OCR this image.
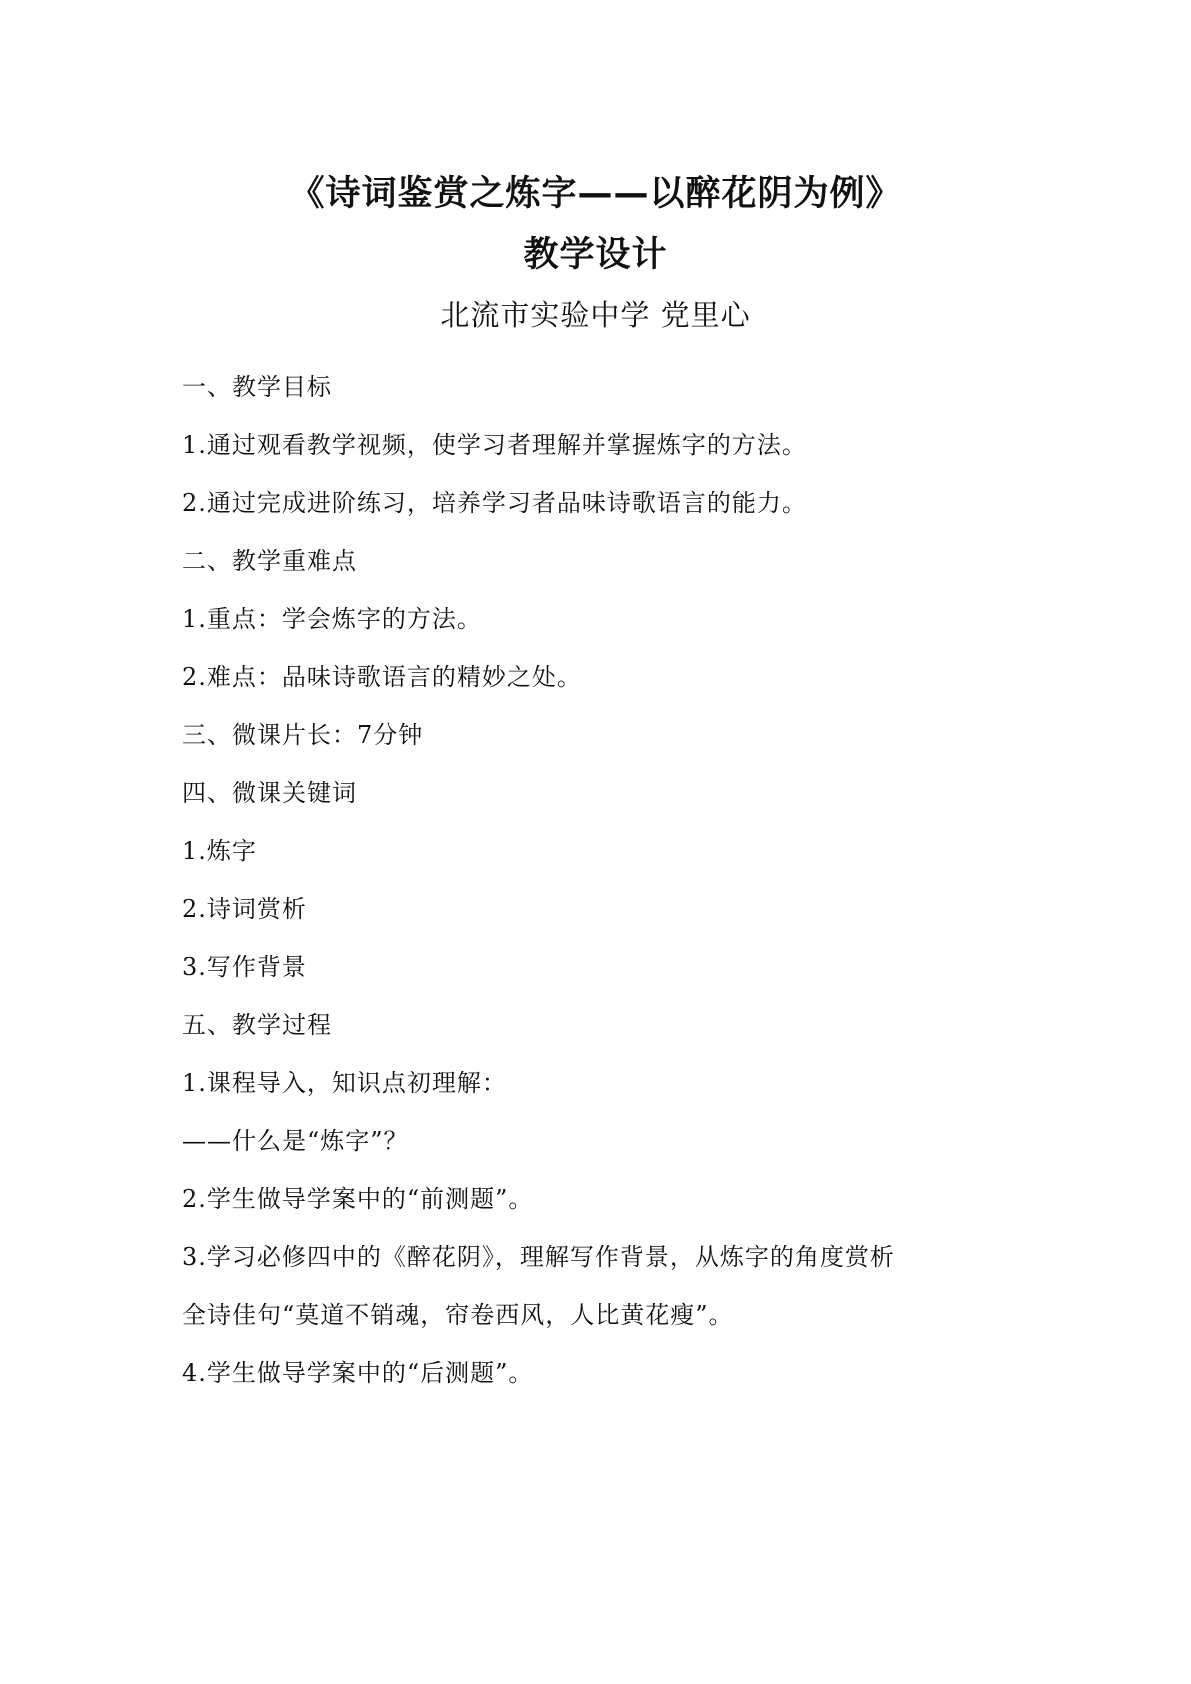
《诗词鉴赏之炼字——以醉花阴为例》
教学设计
北流市实验中学 党里心
一、教学目标
1.通过观看教学视频，使学习者理解并掌握炼字的方法。
2.通过完成进阶练习，培养学习者品味诗歌语言的能力。
二、教学重难点
1.重点：学会炼字的方法。
2.难点：品味诗歌语言的精妙之处。
三、微课片长：7分钟
四、微课关键词
1.炼字
2.诗词赏析
3.写作背景
五、教学过程
1.课程导入，知识点初理解：
——什么是“炼字”？
2.学生做导学案中的“前测题”。
3.学习必修四中的《醉花阴》，理解写作背景，从炼字的角度赏析
全诗佳句“莫道不销魂，帘卷西风，人比黄花瘦”。
4.学生做导学案中的“后测题”。
